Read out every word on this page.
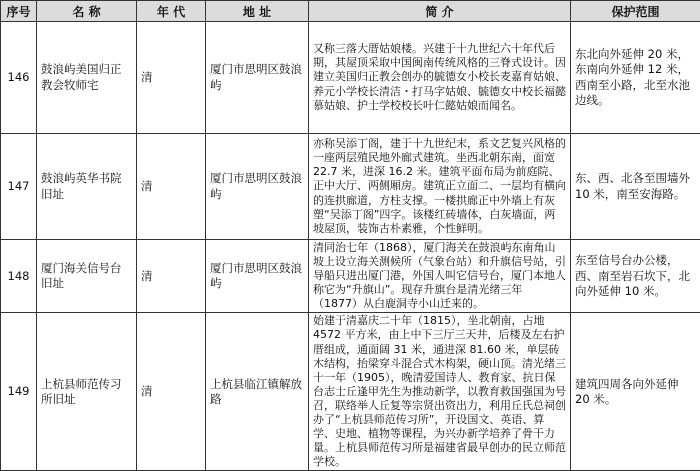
序号	名 称	年 代	地 址	简 介	保护范围
146	鼓浪屿美国归正教会牧师宅	清	厦门市思明区鼓浪屿	又称三落大厝姑娘楼。兴建于十九世纪六十年代后期，其屋顶采取中国闽南传统风格的三脊式设计。因建立美国归正教会创办的毓德女小校长麦嘉育姑娘、养元小学校长清洁・打马字姑娘、毓德女中校长福懿慕姑娘、护士学校校长叶仁懿姑娘而闻名。	东北向外延伸 20 米，东南向外延伸 12 米，西南至小路，北至水池边线。
147	鼓浪屿英华书院旧址	清	厦门市思明区鼓浪屿	亦称吴添丁阁，建于十九世纪末，系文艺复兴风格的一座两层殖民地外廊式建筑。坐西北朝东南，面宽 22.7 米，进深 16.2 米。建筑平面布局为前庭院、正中大厅、两侧厢房。建筑正立面二、一层均有横向的连拱廊道，方柱支撑。一楼拱廊正中外墙上有灰塑“吴添丁阁”四字。该楼红砖墙体，白灰墙面，两坡屋顶，装饰古朴素雅，个性鲜明。	东、西、北各至围墙外 10 米，南至安海路。
148	厦门海关信号台旧址	清	厦门市思明区鼓浪屿	清同治七年（1868），厦门海关在鼓浪屿东南角山坡上设立海关测候所（气象台站）和升旗信号站，引导船只进出厦门港，外国人叫它信号台，厦门本地人称它为“升旗山”。现存升旗台是清光绪三年（1877）从白鹿洞寺小山迁来的。	东至信号台办公楼，西、南至岩石坎下，北向外延伸 10 米。
149	上杭县师范传习所旧址	清	上杭县临江镇解放路	始建于清嘉庆二十年（1815），坐北朝南，占地 4572 平方米，由上中下三厅三天井，后楼及左右护厝组成，通面阔 31 米，通进深 81.60 米，单层砖木结构，抬梁穿斗混合式木构架，硬山顶。清光绪三十一年（1905），晚清爱国诗人、教育家、抗日保台志士丘逢甲先生为推动新学，以教育救国强国为号召，联络举人丘复等宗贤出资出力，利用丘氏总祠创办了“上杭县师范传习所”，开设国文、英语、算学、史地、植物等课程，为兴办新学培养了骨干力量。上杭县师范传习所是福建省最早创办的民立师范学校。	建筑四周各向外延伸 20 米。
